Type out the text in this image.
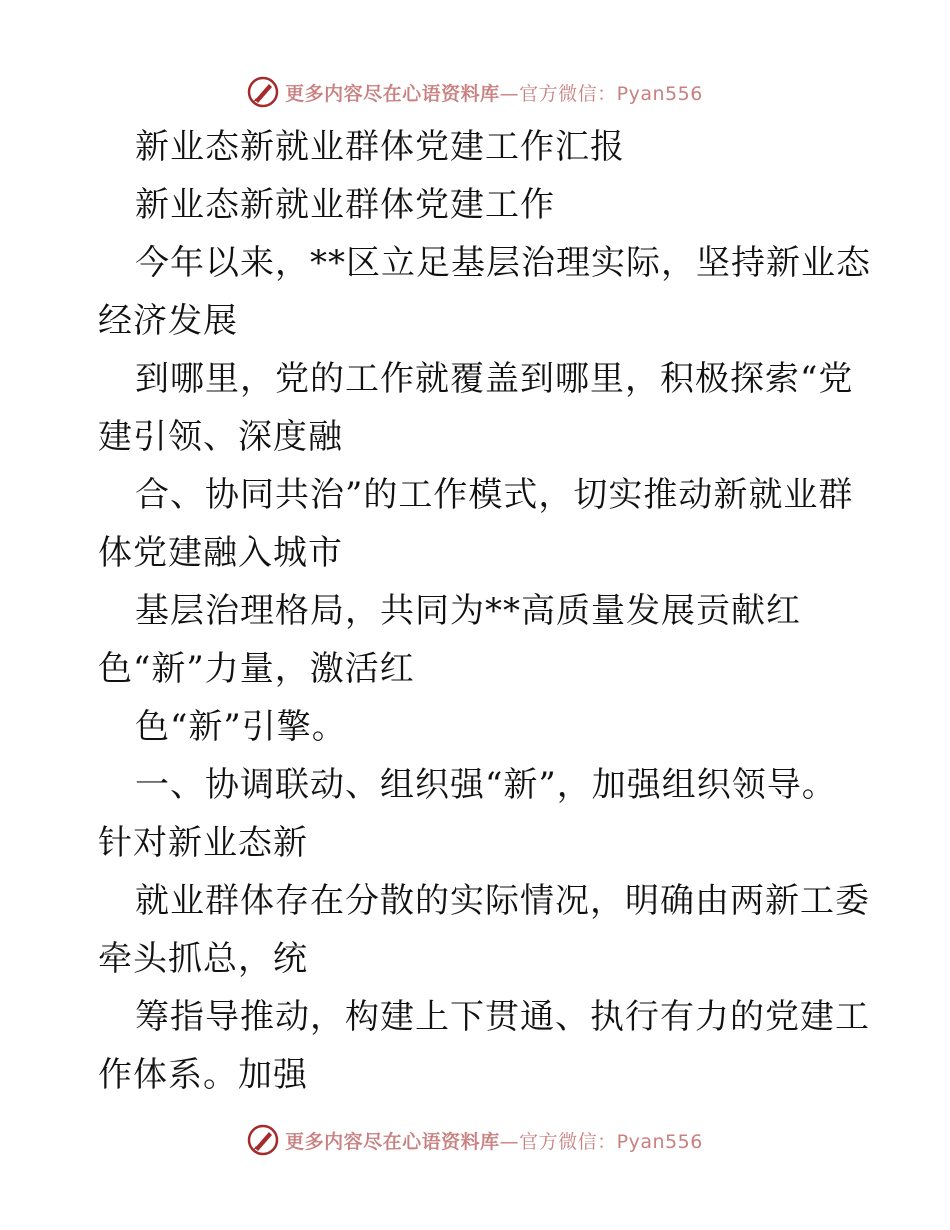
更多内容尽在心语资料库—官方微信：Pyan556
新业态新就业群体党建工作汇报
新业态新就业群体党建工作
今年以来，**区立足基层治理实际，坚持新业态
经济发展
到哪里，党的工作就覆盖到哪里，积极探索“党
建引领、深度融
合、协同共治”的工作模式，切实推动新就业群
体党建融入城市
基层治理格局，共同为**高质量发展贡献红
色“新”力量，激活红
色“新”引擎。
一、协调联动、组织强“新”，加强组织领导。
针对新业态新
就业群体存在分散的实际情况，明确由两新工委
牵头抓总，统
筹指导推动，构建上下贯通、执行有力的党建工
作体系。加强
更多内容尽在心语资料库—官方微信：Pyan556
